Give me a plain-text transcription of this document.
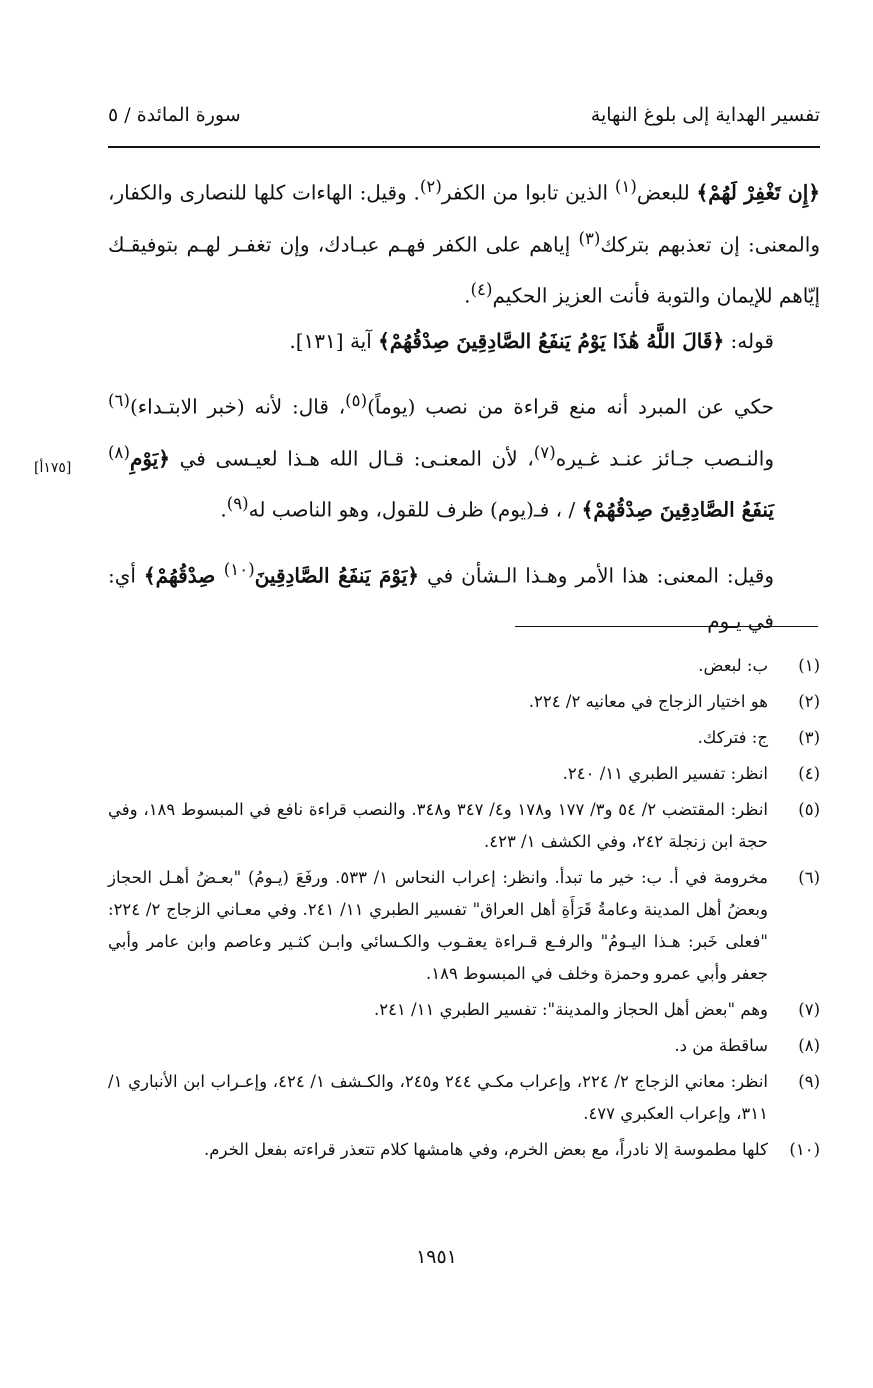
تفسير الهداية إلى بلوغ النهاية
سورة المائدة / ٥

﴿إِن تَغْفِرْ لَهُمْ﴾ للبعض$^{(١)}$ الذين تابوا من الكفر$^{(٢)}$. وقيل: الهاءات كلها للنصارى والكفار، والمعنى: إن تعذبهم بتركك$^{(٣)}$ إياهم على الكفر فهـم عبـادك، وإن تغفـر لهـم بتوفيقـك إيّاهم للإيمان والتوبة فأنت العزيز الحكيم$^{(٤)}$.

قوله: ﴿قَالَ اللَّهُ هَٰذَا يَوْمُ يَنفَعُ الصَّادِقِينَ صِدْقُهُمْ﴾ آية [١٣١].

حكي عن المبرد أنه منع قراءة من نصب (يوماً)$^{(٥)}$، قال: لأنه (خبر الابتـداء)$^{(٦)}$ والنـصب جـائز عنـد غـيره$^{(٧)}$، لأن المعنـى: قـال الله هـذا لعيـسى في ﴿يَوْمِ$^{(٨)}$ يَنفَعُ الصَّادِقِينَ صِدْقُهُمْ﴾ / ، فـ(يوم) ظرف للقول، وهو الناصب له$^{(٩)}$.

وقيل: المعنى: هذا الأمر وهـذا الـشأن في ﴿يَوْمَ يَنفَعُ الصَّادِقِينَ$^{(١٠)}$ صِدْقُهُمْ﴾ أي: في يـوم

[١٧٥أ]
(١)
ب: لبعض.
(٢)
هو اختيار الزجاج في معانيه ٢/ ٢٢٤.
(٣)
ج: فتركك.
(٤)
انظر: تفسير الطبري ١١/ ٢٤٠.
(٥)
انظر: المقتضب ٢/ ٥٤ و٣/ ١٧٧ و١٧٨ و٤/ ٣٤٧ و٣٤٨. والنصب قراءة نافع في المبسوط ١٨٩، وفي حجة ابن زنجلة ٢٤٢، وفي الكشف ١/ ٤٢٣.
(٦)
مخرومة في أ. ب: خير ما تبدأ. وانظر: إعراب النحاس ١/ ٥٣٣. ورفَعَ (يـومُ) "بعـضُ أهـل الحجاز وبعضُ أهل المدينة وعامةُ قَرَأَةِ أهل العراق" تفسير الطبري ١١/ ٢٤١. وفي معـاني الزجاج ٢/ ٢٢٤: "فعلى خَبر: هـذا اليـومُ" والرفـع قـراءة يعقـوب والكـسائي وابـن كثـير وعاصم وابن عامر وأبي جعفر وأبي عمرو وحمزة وخلف في المبسوط ١٨٩.
(٧)
وهم "بعض أهل الحجاز والمدينة": تفسير الطبري ١١/ ٢٤١.
(٨)
ساقطة من د.
(٩)
انظر: معاني الزجاج ٢/ ٢٢٤، وإعراب مكـي ٢٤٤ و٢٤٥، والكـشف ١/ ٤٢٤، وإعـراب ابن الأنباري ١/ ٣١١، وإعراب العكبري ٤٧٧.
(١٠)
كلها مطموسة إلا نادراً، مع بعض الخرم، وفي هامشها كلام تتعذر قراءته بفعل الخرم.
١٩٥١
